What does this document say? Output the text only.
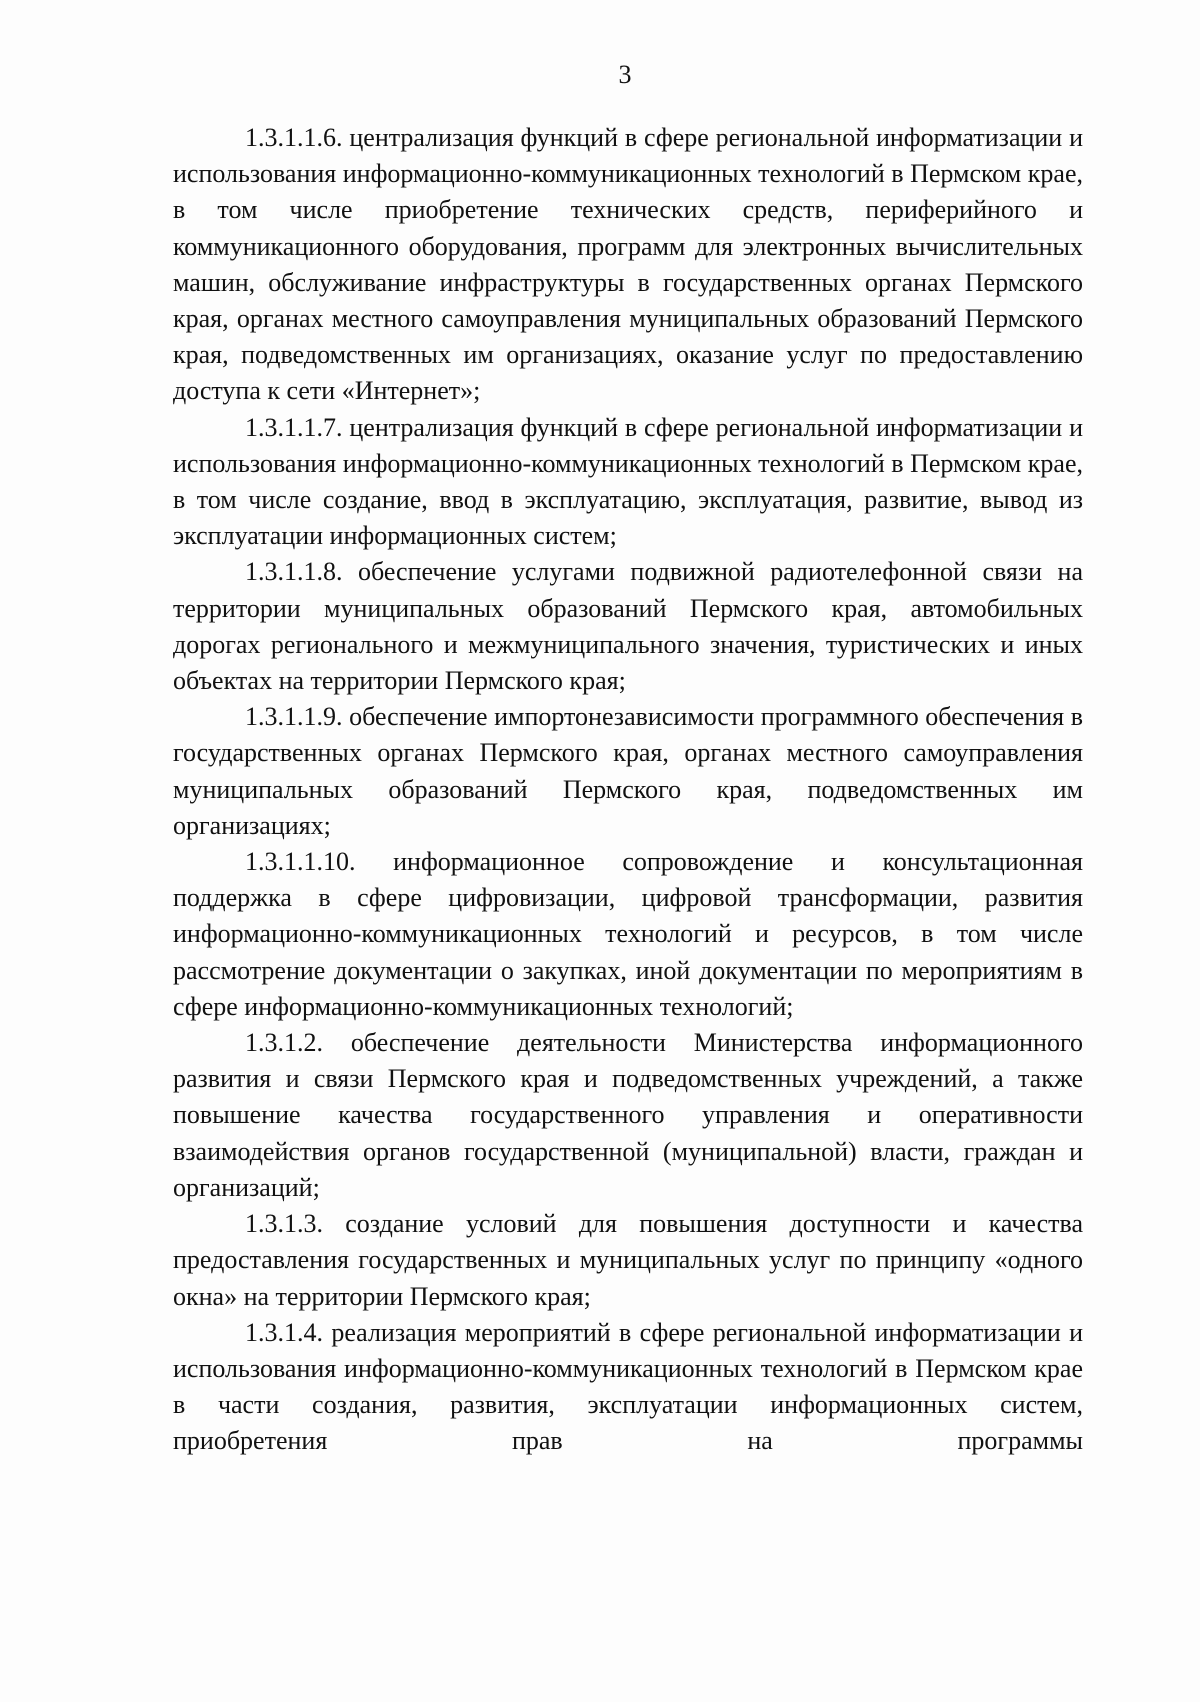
3

1.3.1.1.6. централизация функций в сфере региональной информатизации и использования информационно-коммуникационных технологий в Пермском крае, в том числе приобретение технических средств, периферийного и коммуникационного оборудования, программ для электронных вычислительных машин, обслуживание инфраструктуры в государственных органах Пермского края, органах местного самоуправления муниципальных образований Пермского края, подведомственных им организациях, оказание услуг по предоставлению доступа к сети «Интернет»;

1.3.1.1.7. централизация функций в сфере региональной информатизации и использования информационно-коммуникационных технологий в Пермском крае, в том числе создание, ввод в эксплуатацию, эксплуатация, развитие, вывод из эксплуатации информационных систем;

1.3.1.1.8. обеспечение услугами подвижной радиотелефонной связи на территории муниципальных образований Пермского края, автомобильных дорогах регионального и межмуниципального значения, туристических и иных объектах на территории Пермского края;

1.3.1.1.9. обеспечение импортонезависимости программного обеспечения в государственных органах Пермского края, органах местного самоуправления муниципальных образований Пермского края, подведомственных им организациях;

1.3.1.1.10. информационное сопровождение и консультационная поддержка в сфере цифровизации, цифровой трансформации, развития информационно-коммуникационных технологий и ресурсов, в том числе рассмотрение документации о закупках, иной документации по мероприятиям в сфере информационно-коммуникационных технологий;

1.3.1.2. обеспечение деятельности Министерства информационного развития и связи Пермского края и подведомственных учреждений, а также повышение качества государственного управления и оперативности взаимодействия органов государственной (муниципальной) власти, граждан и организаций;

1.3.1.3. создание условий для повышения доступности и качества предоставления государственных и муниципальных услуг по принципу «одного окна» на территории Пермского края;

1.3.1.4. реализация мероприятий в сфере региональной информатизации и использования информационно-коммуникационных технологий в Пермском крае в части создания, развития, эксплуатации информационных систем, приобретения прав на программы
